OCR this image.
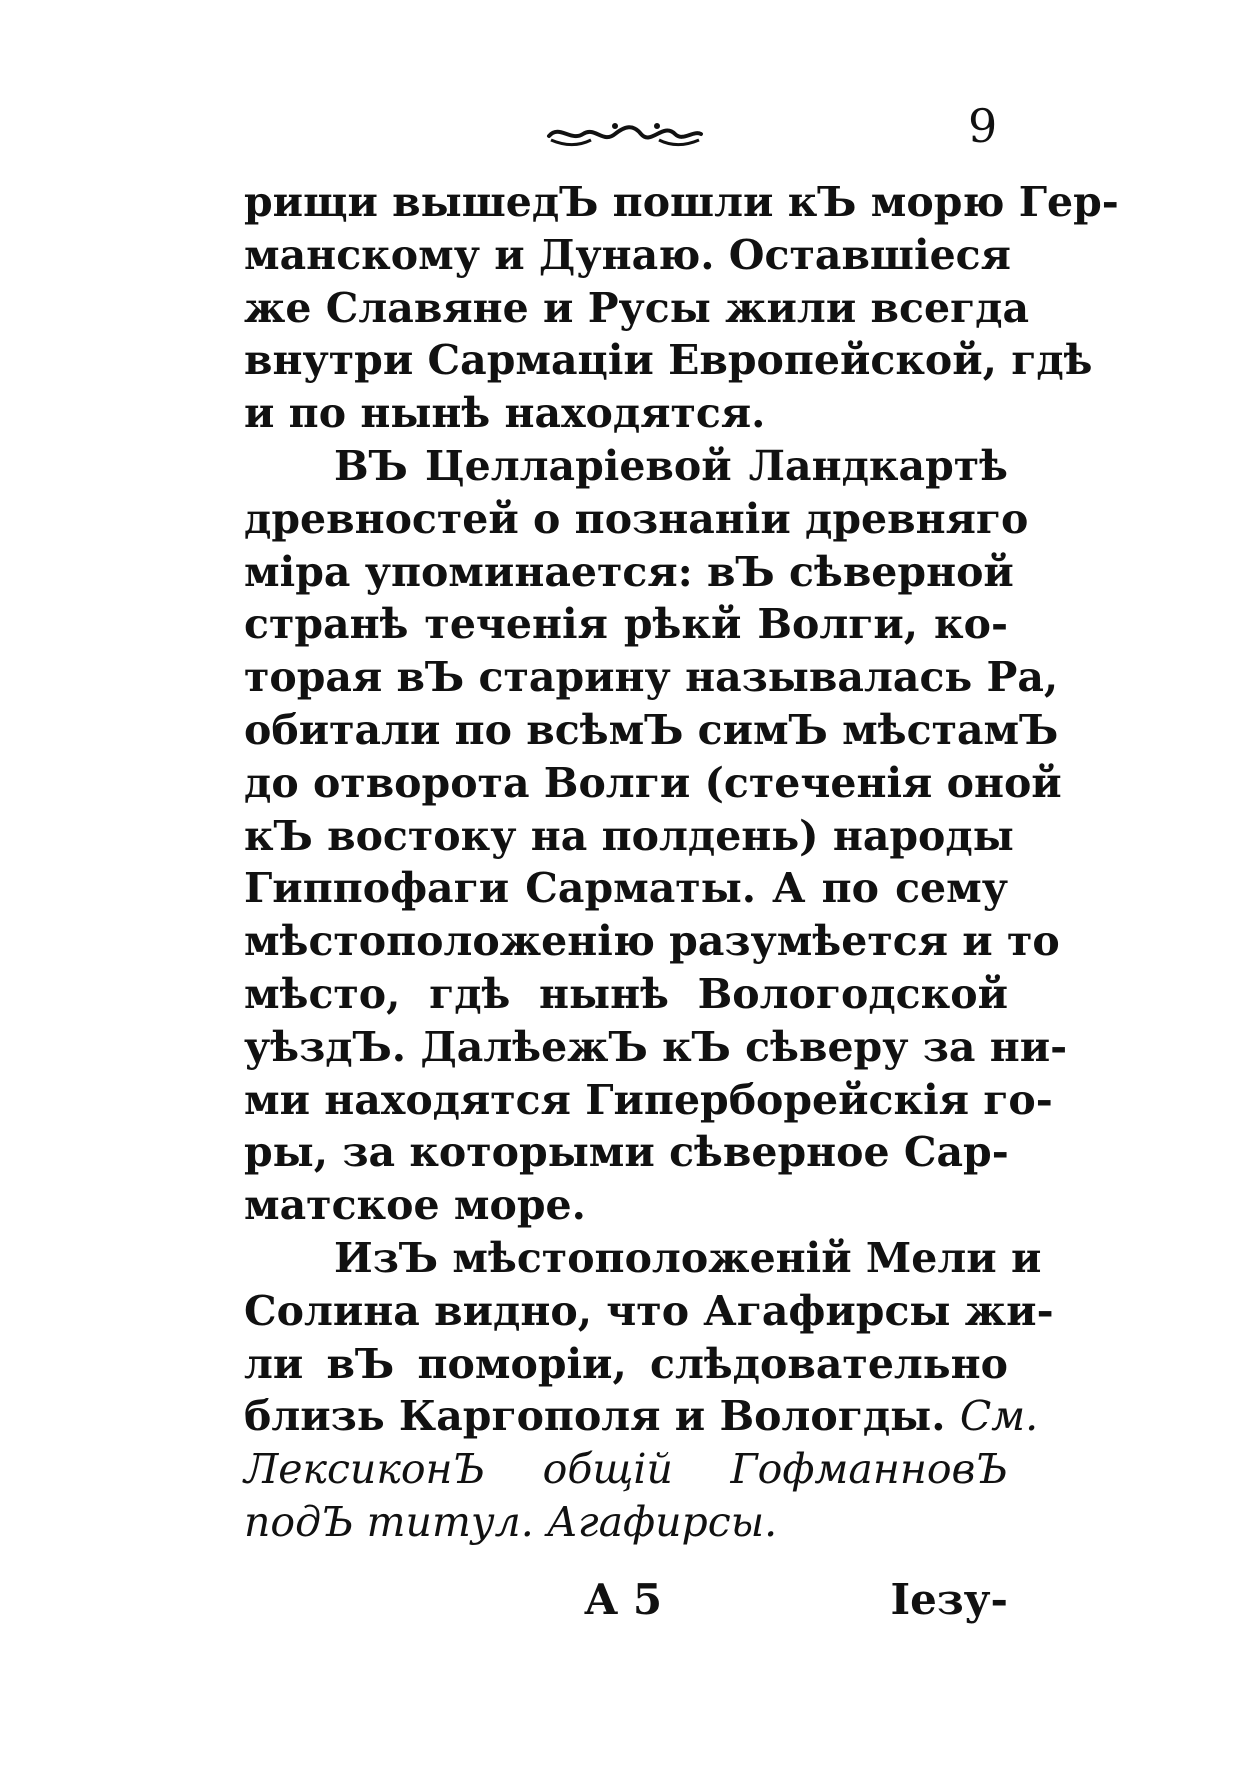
9
рищи вышедЪ пошли кЪ морю Гер-
манскому и Дунаю. Оставшіеся
же Славяне и Русы жили всегда
внутри Сармаціи Европейской, гдѣ
и по нынѣ находятся.
ВЪ Целларіевой Ландкартѣ
древностей о познаніи древняго
міра упоминается: вЪ сѣверной
странѣ теченія рѣкй Волги, ко-
торая вЪ старину называлась Ра,
обитали по всѣмЪ симЪ мѣстамЪ
до отворота Волги (стеченія оной
кЪ востоку на полдень) народы
Гиппофаги Сарматы. А по сему
мѣстоположенію разумѣется и то
мѣсто, гдѣ нынѣ Вологодской
уѣздЪ. ДалѣежЪ кЪ сѣверу за ни-
ми находятся Гиперборейскія го-
ры, за которыми сѣверное Сар-
матское море.
ИзЪ мѣстоположеній Мели и
Солина видно, что Агафирсы жи-
ли вЪ поморіи, слѣдовательно
близь Каргополя и Вологды. См.
ЛексиконЪ общій ГофманновЪ
подЪ титул. Агафирсы.
А 5	Іезу-
